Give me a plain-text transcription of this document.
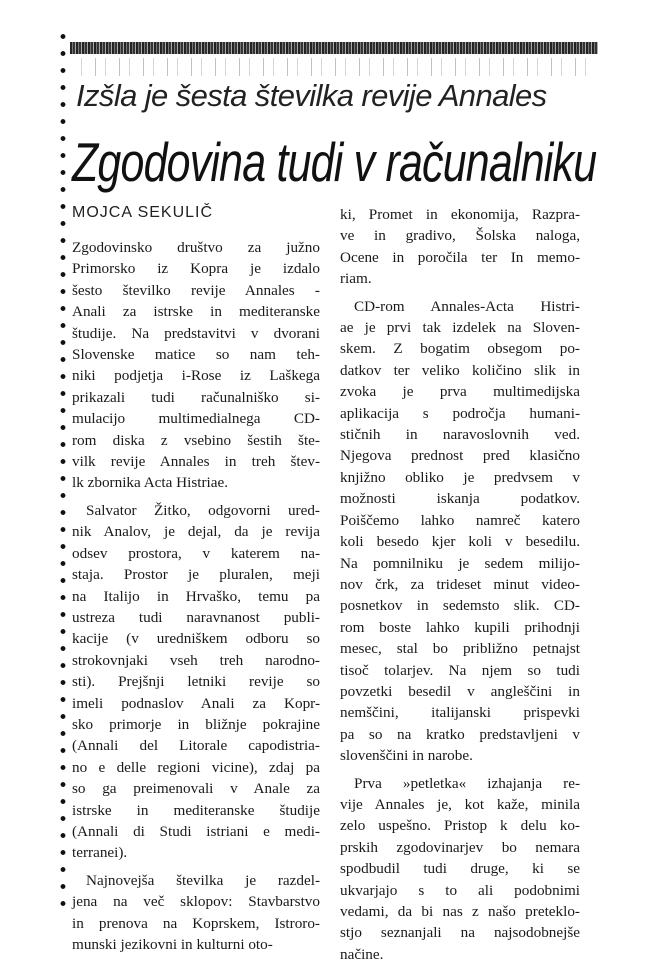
Izšla je šesta številka revije Annales
Zgodovina tudi v računalniku
MOJCA SEKULIČ

Zgodovinsko društvo za južno
Primorsko iz Kopra je izdalo
šesto številko revije Annales -
Anali za istrske in mediteranske
študije. Na predstavitvi v dvorani
Slovenske matice so nam teh-
niki podjetja i-Rose iz Laškega
prikazali tudi računalniško si-
mulacijo multimedialnega CD-
rom diska z vsebino šestih šte-
vilk revije Annales in treh štev-
lk zbornika Acta Histriae.

Salvator Žitko, odgovorni ured-
nik Analov, je dejal, da je revija
odsev prostora, v katerem na-
staja. Prostor je pluralen, meji
na Italijo in Hrvaško, temu pa
ustreza tudi naravnanost publi-
kacije (v uredniškem odboru so
strokovnjaki vseh treh narodno-
sti). Prejšnji letniki revije so
imeli podnaslov Anali za Kopr-
sko primorje in bližnje pokrajine
(Annali del Litorale capodistria-
no e delle regioni vicine), zdaj pa
so ga preimenovali v Anale za
istrske in mediteranske študije
(Annali di Studi istriani e medi-
terranei).

Najnovejša številka je razdel-
jena na več sklopov: Stavbarstvo
in prenova na Koprskem, Istroro-
munski jezikovni in kulturni oto-

ki, Promet in ekonomija, Razpra-
ve in gradivo, Šolska naloga,
Ocene in poročila ter In memo-
riam.

CD-rom Annales-Acta Histri-
ae je prvi tak izdelek na Sloven-
skem. Z bogatim obsegom po-
datkov ter veliko količino slik in
zvoka je prva multimedijska
aplikacija s področja humani-
stičnih in naravoslovnih ved.
Njegova prednost pred klasično
knjižno obliko je predvsem v
možnosti iskanja podatkov.
Poiščemo lahko namreč katero
koli besedo kjer koli v besedilu.
Na pomnilniku je sedem milijo-
nov črk, za trideset minut video-
posnetkov in sedemsto slik. CD-
rom boste lahko kupili prihodnji
mesec, stal bo približno petnajst
tisoč tolarjev. Na njem so tudi
povzetki besedil v angleščini in
nemščini, italijanski prispevki
pa so na kratko predstavljeni v
slovenščini in narobe.

Prva »petletka« izhajanja re-
vije Annales je, kot kaže, minila
zelo uspešno. Pristop k delu ko-
prskih zgodovinarjev bo nemara
spodbudil tudi druge, ki se
ukvarjajo s to ali podobnimi
vedami, da bi nas z našo preteklo-
stjo seznanjali na najsodobnejše
načine.
